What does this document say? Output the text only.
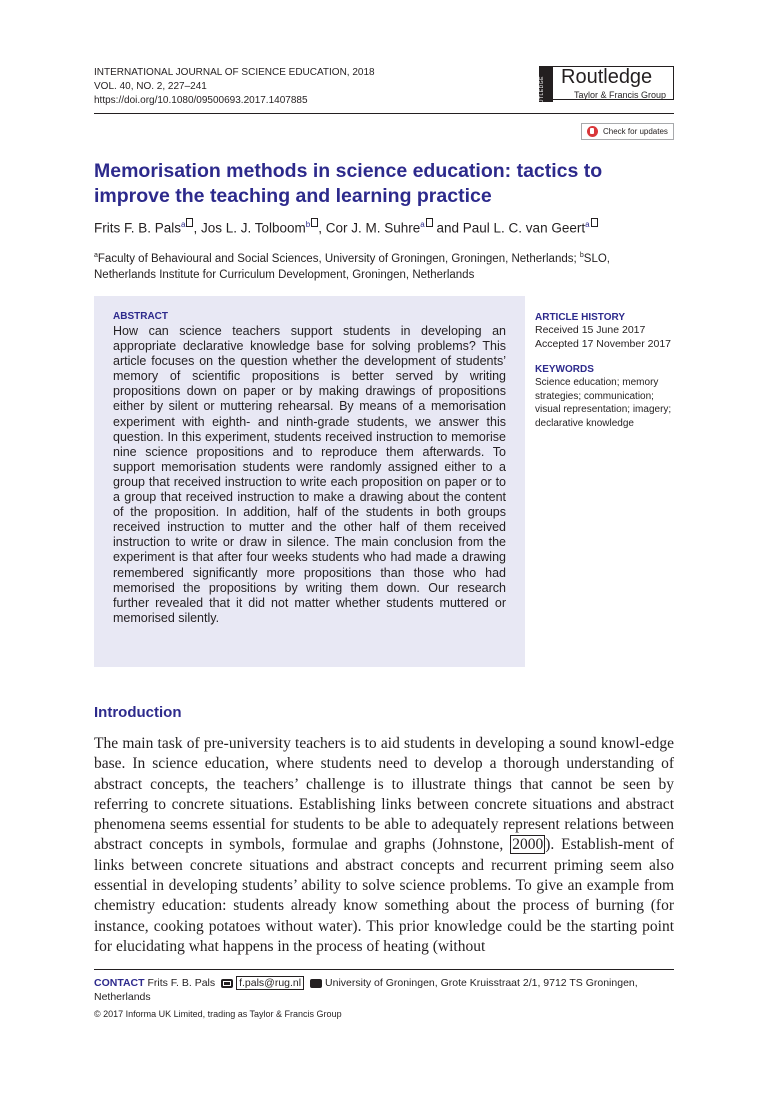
INTERNATIONAL JOURNAL OF SCIENCE EDUCATION, 2018
VOL. 40, NO. 2, 227–241
https://doi.org/10.1080/09500693.2017.1407885	ROUTLEDGE Routledge
Taylor & Francis Group
Check for updates
Memorisation methods in science education: tactics to improve the teaching and learning practice
Frits F. B. Pals$^a$ , Jos L. J. Tolboom$^b$ , Cor J. M. Suhre$^a$ and Paul L. C. van Geert$^a$
$^a$Faculty of Behavioural and Social Sciences, University of Groningen, Groningen, Netherlands; $^b$SLO, Netherlands Institute for Curriculum Development, Groningen, Netherlands
ABSTRACT
How can science teachers support students in developing an appropriate declarative knowledge base for solving problems? This article focuses on the question whether the development of students’ memory of scientific propositions is better served by writing propositions down on paper or by making drawings of propositions either by silent or muttering rehearsal. By means of a memorisation experiment with eighth- and ninth-grade students, we answer this question. In this experiment, students received instruction to memorise nine science propositions and to reproduce them afterwards. To support memorisation students were randomly assigned either to a group that received instruction to write each proposition on paper or to a group that received instruction to make a drawing about the content of the proposition. In addition, half of the students in both groups received instruction to mutter and the other half of them received instruction to write or draw in silence. The main conclusion from the experiment is that after four weeks students who had made a drawing remembered significantly more propositions than those who had memorised the propositions by writing them down. Our research further revealed that it did not matter whether students muttered or memorised silently.
ARTICLE HISTORY
Received 15 June 2017
Accepted 17 November 2017
KEYWORDS
Science education; memory strategies; communication; visual representation; imagery; declarative knowledge
Introduction
The main task of pre-university teachers is to aid students in developing a sound knowl-edge base. In science education, where students need to develop a thorough understanding of abstract concepts, the teachers’ challenge is to illustrate things that cannot be seen by referring to concrete situations. Establishing links between concrete situations and abstract phenomena seems essential for students to be able to adequately represent relations between abstract concepts in symbols, formulae and graphs (Johnstone, 2000 ). Establish-ment of links between concrete situations and abstract concepts and recurrent priming seem also essential in developing students’ ability to solve science problems. To give an example from chemistry education: students already know something about the process of burning (for instance, cooking potatoes without water). This prior knowledge could be the starting point for elucidating what happens in the process of heating (without
CONTACT Frits F. B. Pals f.pals@rug.nl University of Groningen, Grote Kruisstraat 2/1, 9712 TS Groningen, Netherlands
© 2017 Informa UK Limited, trading as Taylor & Francis Group
